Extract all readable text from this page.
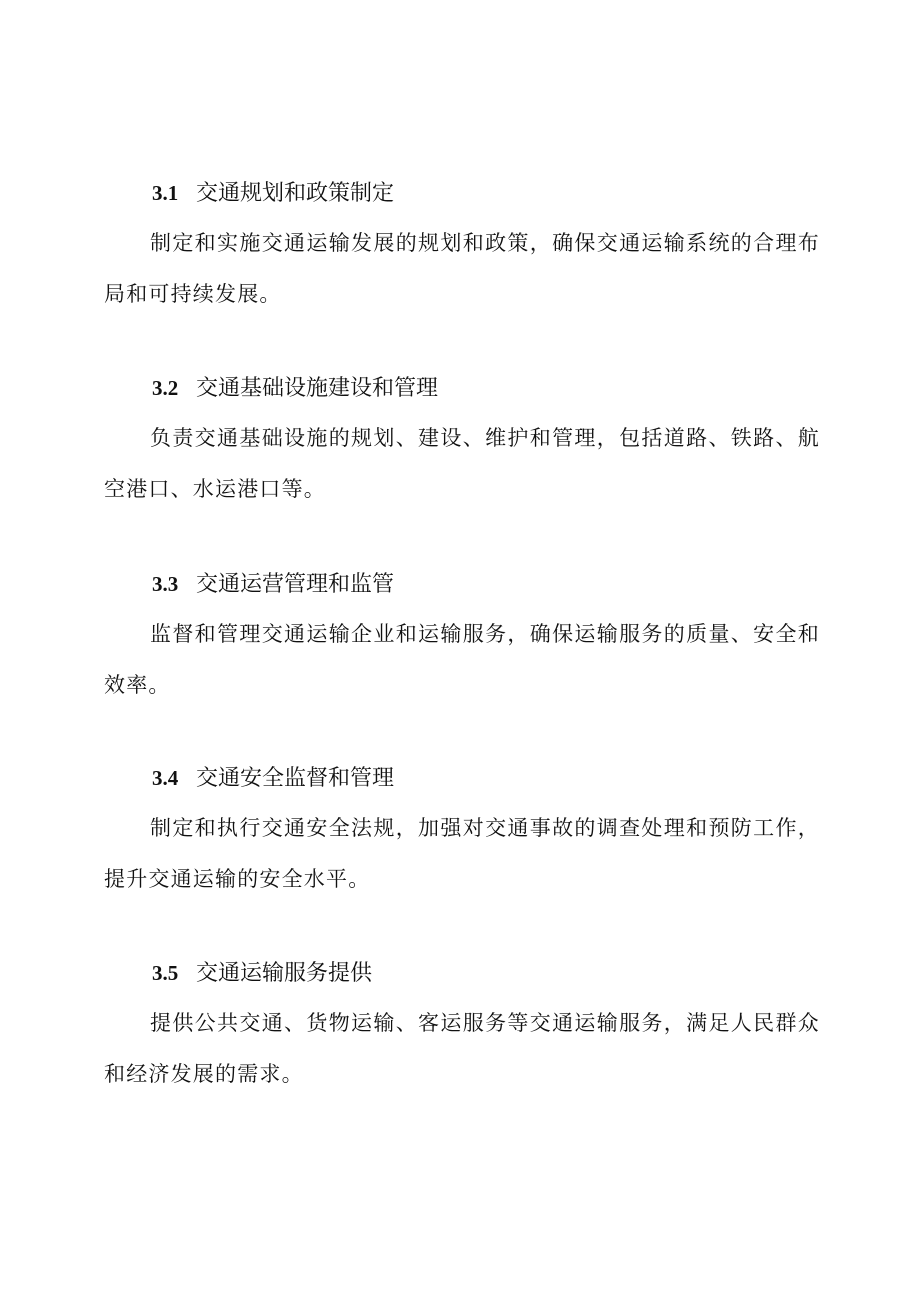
3.1 交通规划和政策制定

制定和实施交通运输发展的规划和政策，确保交通运输系统的合理布局和可持续发展。

3.2 交通基础设施建设和管理

负责交通基础设施的规划、建设、维护和管理，包括道路、铁路、航空港口、水运港口等。

3.3 交通运营管理和监管

监督和管理交通运输企业和运输服务，确保运输服务的质量、安全和效率。

3.4 交通安全监督和管理

制定和执行交通安全法规，加强对交通事故的调查处理和预防工作，提升交通运输的安全水平。

3.5 交通运输服务提供

提供公共交通、货物运输、客运服务等交通运输服务，满足人民群众和经济发展的需求。
